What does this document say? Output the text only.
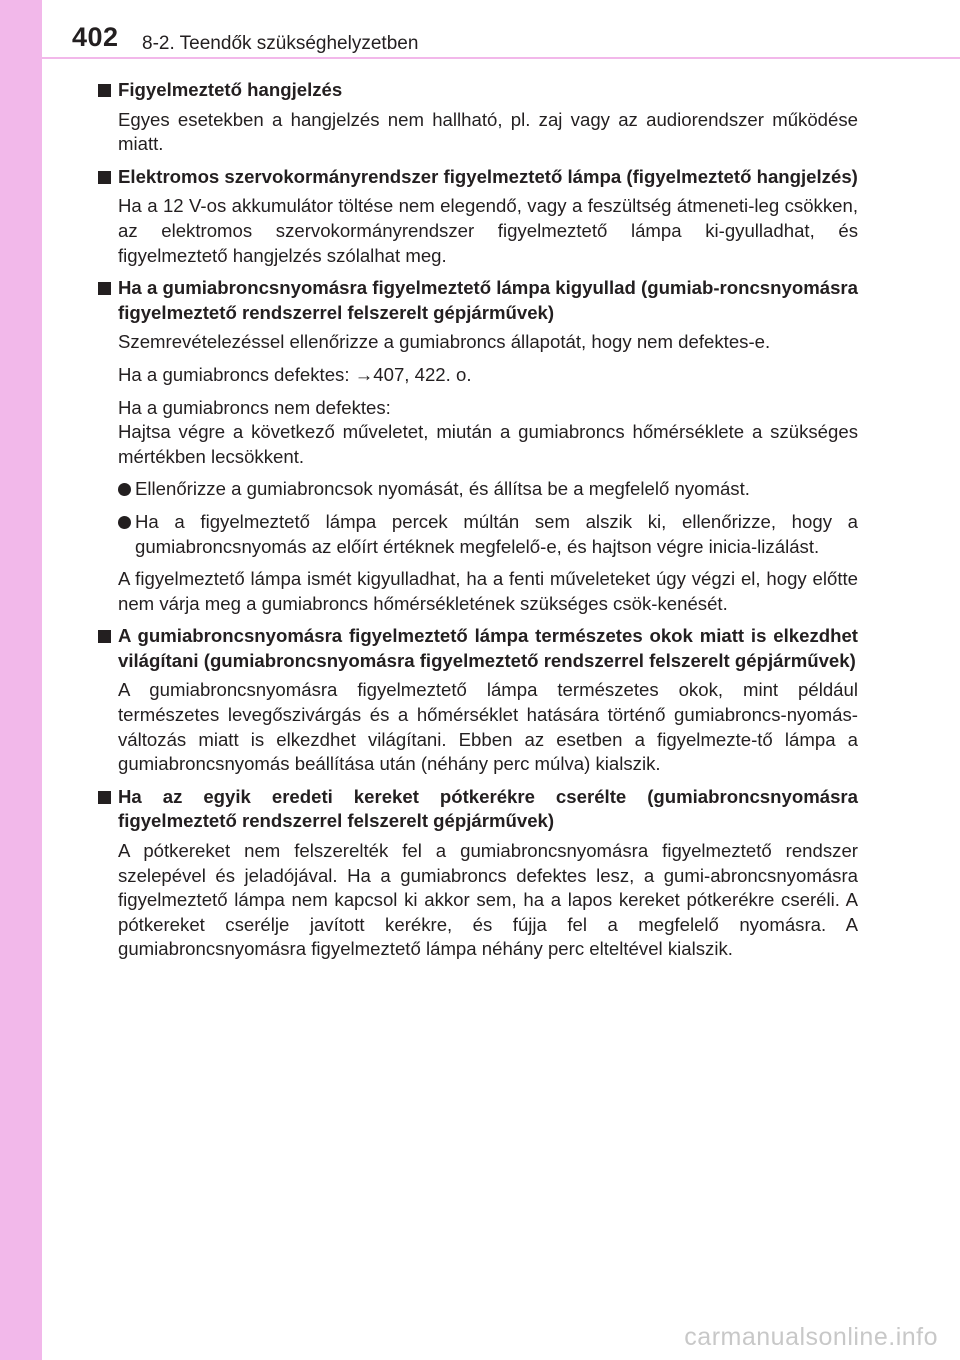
402 8-2. Teendők szükséghelyzetben
Figyelmeztető hangjelzés
Egyes esetekben a hangjelzés nem hallható, pl. zaj vagy az audiorendszer működése miatt.
Elektromos szervokormányrendszer figyelmeztető lámpa (figyelmeztető hangjelzés)
Ha a 12 V-os akkumulátor töltése nem elegendő, vagy a feszültség átmeneti-leg csökken, az elektromos szervokormányrendszer figyelmeztető lámpa ki-gyulladhat, és figyelmeztető hangjelzés szólalhat meg.
Ha a gumiabroncsnyomásra figyelmeztető lámpa kigyullad (gumiab-roncsnyomásra figyelmeztető rendszerrel felszerelt gépjárművek)
Szemrevételezéssel ellenőrizze a gumiabroncs állapotát, hogy nem defektes-e.
Ha a gumiabroncs defektes: →407, 422. o.
Ha a gumiabroncs nem defektes:
Hajtsa végre a következő műveletet, miután a gumiabroncs hőmérséklete a szükséges mértékben lecsökkent.
Ellenőrizze a gumiabroncsok nyomását, és állítsa be a megfelelő nyomást.
Ha a figyelmeztető lámpa percek múltán sem alszik ki, ellenőrizze, hogy a gumiabroncsnyomás az előírt értéknek megfelelő-e, és hajtson végre inicia-lizálást.
A figyelmeztető lámpa ismét kigyulladhat, ha a fenti műveleteket úgy végzi el, hogy előtte nem várja meg a gumiabroncs hőmérsékletének szükséges csök-kenését.
A gumiabroncsnyomásra figyelmeztető lámpa természetes okok miatt is elkezdhet világítani (gumiabroncsnyomásra figyelmeztető rendszerrel felszerelt gépjárművek)
A gumiabroncsnyomásra figyelmeztető lámpa természetes okok, mint például természetes levegőszivárgás és a hőmérséklet hatására történő gumiabroncs-nyomás-változás miatt is elkezdhet világítani. Ebben az esetben a figyelmezte-tő lámpa a gumiabroncsnyomás beállítása után (néhány perc múlva) kialszik.
Ha az egyik eredeti kereket pótkerékre cserélte (gumiabroncsnyomásra figyelmeztető rendszerrel felszerelt gépjárművek)
A pótkereket nem felszerelték fel a gumiabroncsnyomásra figyelmeztető rendszer szelepével és jeladójával. Ha a gumiabroncs defektes lesz, a gumi-abroncsnyomásra figyelmeztető lámpa nem kapcsol ki akkor sem, ha a lapos kereket pótkerékre cseréli. A pótkereket cserélje javított kerékre, és fújja fel a megfelelő nyomásra. A gumiabroncsnyomásra figyelmeztető lámpa néhány perc elteltével kialszik.
carmanualsonline.info
